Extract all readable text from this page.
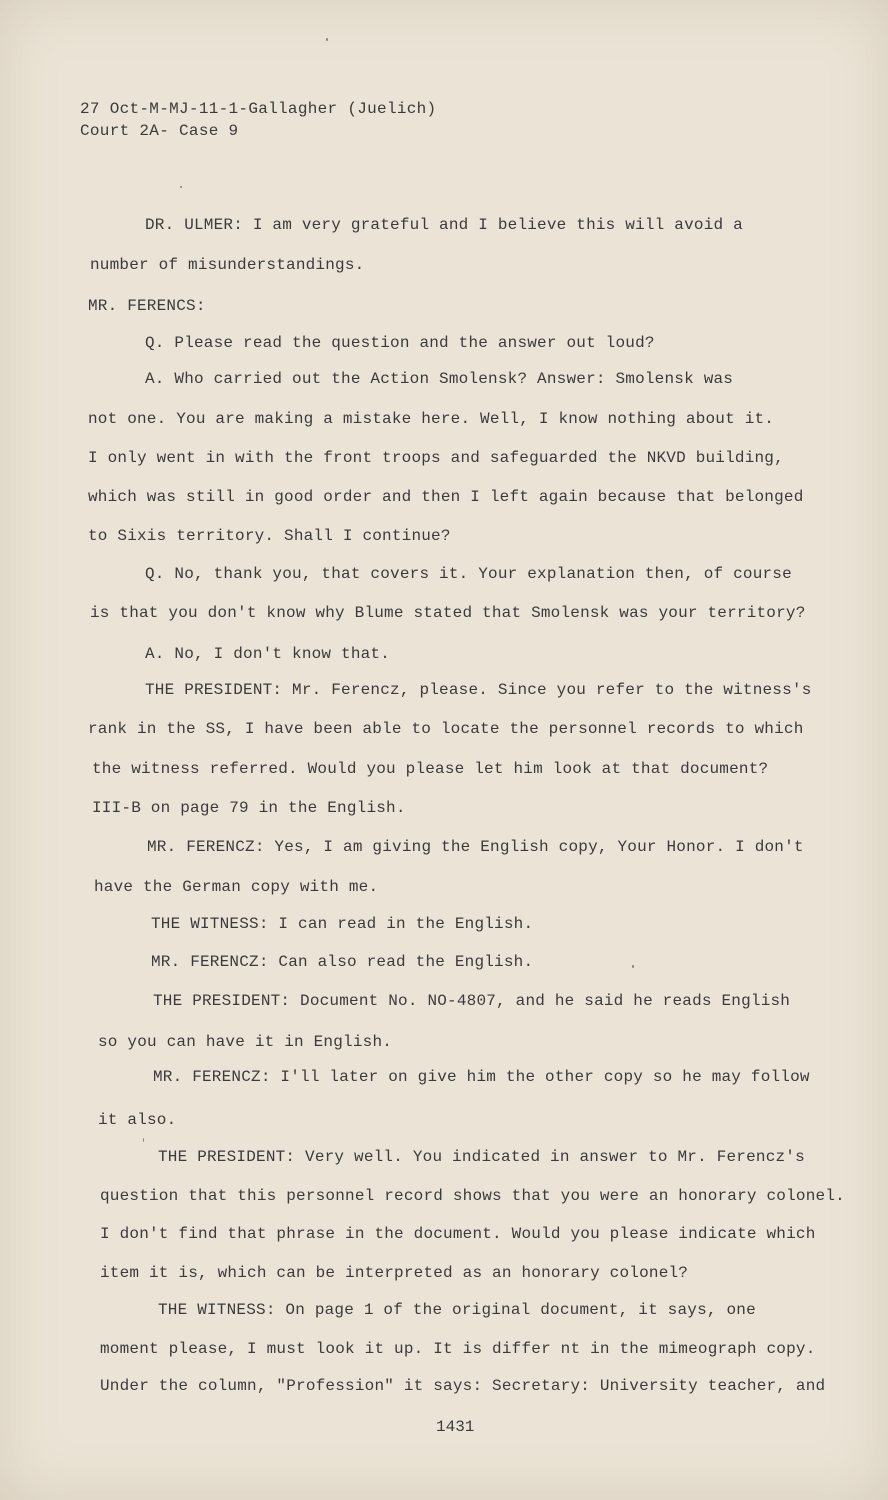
27 Oct-M-MJ-11-1-Gallagher (Juelich)
Court 2A- Case 9
DR. ULMER: I am very grateful and I believe this will avoid a
number of misunderstandings.
MR. FERENCS:
Q. Please read the question and the answer out loud?
A. Who carried out the Action Smolensk? Answer: Smolensk was
not one. You are making a mistake here. Well, I know nothing about it.
I only went in with the front troops and safeguarded the NKVD building,
which was still in good order and then I left again because that belonged
to Sixis territory. Shall I continue?
Q. No, thank you, that covers it. Your explanation then, of course
is that you don't know why Blume stated that Smolensk was your territory?
A. No, I don't know that.
THE PRESIDENT: Mr. Ferencz, please. Since you refer to the witness's
rank in the SS, I have been able to locate the personnel records to which
the witness referred. Would you please let him look at that document?
III-B on page 79 in the English.
MR. FERENCZ: Yes, I am giving the English copy, Your Honor. I don't
have the German copy with me.
THE WITNESS: I can read in the English.
MR. FERENCZ: Can also read the English.
THE PRESIDENT: Document No. NO-4807, and he said he reads English
so you can have it in English.
MR. FERENCZ: I'll later on give him the other copy so he may follow
it also.
THE PRESIDENT: Very well. You indicated in answer to Mr. Ferencz's
question that this personnel record shows that you were an honorary colonel.
I don't find that phrase in the document. Would you please indicate which
item it is, which can be interpreted as an honorary colonel?
THE WITNESS: On page 1 of the original document, it says, one
moment please, I must look it up. It is differ nt in the mimeograph copy.
Under the column, "Profession" it says: Secretary: University teacher, and
1431
